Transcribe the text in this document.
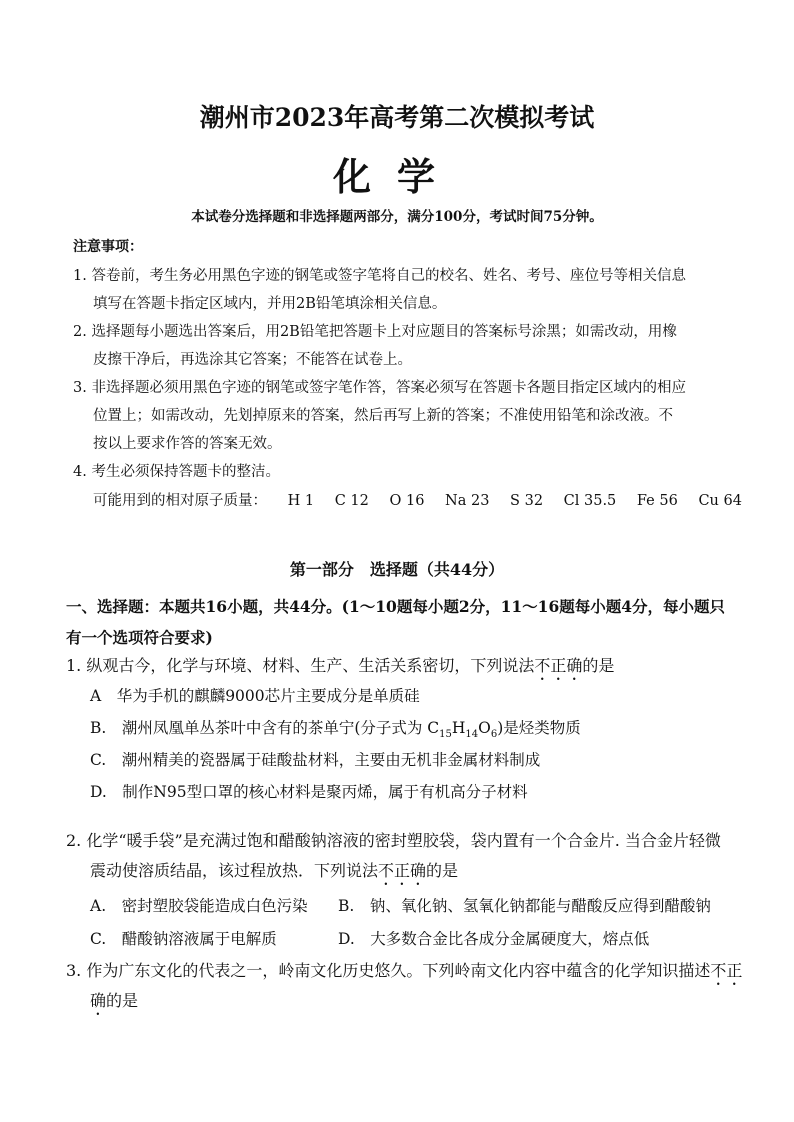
潮州市2023年高考第二次模拟考试
化学
本试卷分选择题和非选择题两部分，满分100分，考试时间75分钟。
注意事项：
1. 答卷前，考生务必用黑色字迹的钢笔或签字笔将自己的校名、姓名、考号、座位号等相关信息
填写在答题卡指定区域内，并用2B铅笔填涂相关信息。
2. 选择题每小题选出答案后，用2B铅笔把答题卡上对应题目的答案标号涂黑；如需改动，用橡
皮擦干净后，再选涂其它答案；不能答在试卷上。
3. 非选择题必须用黑色字迹的钢笔或签字笔作答，答案必须写在答题卡各题目指定区域内的相应
位置上；如需改动，先划掉原来的答案，然后再写上新的答案；不准使用铅笔和涂改液。不
按以上要求作答的答案无效。
4. 考生必须保持答题卡的整洁。
可能用到的相对原子质量： H 1 C 12 O 16 Na 23 S 32 Cl 35.5 Fe 56 Cu 64
第一部分　选择题（共44分）
一、选择题：本题共16小题，共44分。(1～10题每小题2分，11～16题每小题4分，每小题只
有一个选项符合要求)
1. 纵观古今，化学与环境、材料、生产、生活关系密切，下列说法不正确的是
A　华为手机的麒麟9000芯片主要成分是单质硅
B.　潮州凤凰单丛茶叶中含有的茶单宁(分子式为 $C_{15}H_{14}O_6$)是烃类物质
C.　潮州精美的瓷器属于硅酸盐材料，主要由无机非金属材料制成
D.　制作N95型口罩的核心材料是聚丙烯，属于有机高分子材料
2. 化学“暖手袋”是充满过饱和醋酸钠溶液的密封塑胶袋，袋内置有一个合金片. 当合金片轻微
震动使溶质结晶，该过程放热．下列说法不正确的是
A.　密封塑胶袋能造成白色污染 B.　钠、氧化钠、氢氧化钠都能与醋酸反应得到醋酸钠
C.　醋酸钠溶液属于电解质	D.　大多数合金比各成分金属硬度大，熔点低
3. 作为广东文化的代表之一，岭南文化历史悠久。下列岭南文化内容中蕴含的化学知识描述不正
确的是
